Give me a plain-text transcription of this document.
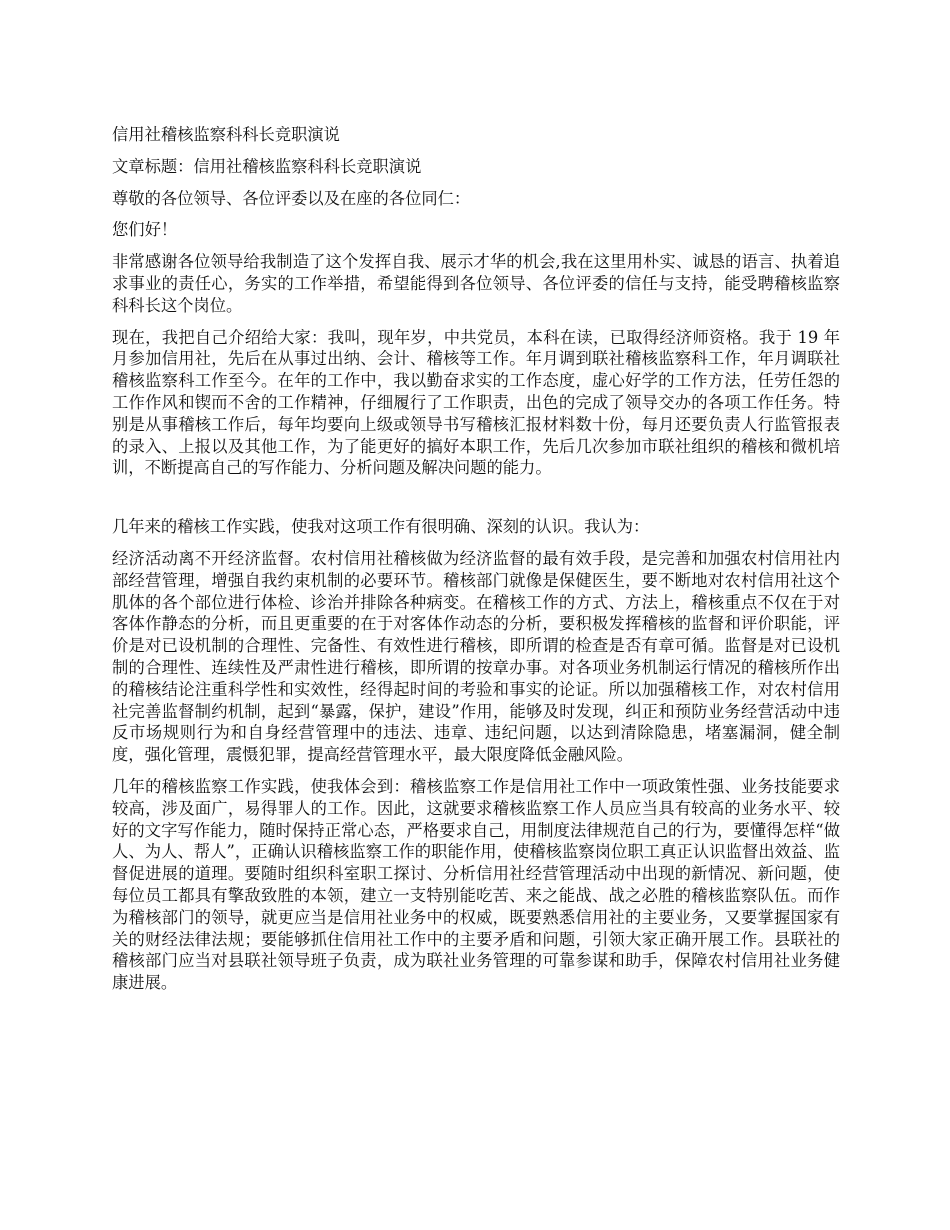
信用社稽核监察科科长竞职演说

文章标题：信用社稽核监察科科长竞职演说

尊敬的各位领导、各位评委以及在座的各位同仁：

您们好！

非常感谢各位领导给我制造了这个发挥自我、展示才华的机会,我在这里用朴实、诚恳的语言、执着追求事业的责任心，务实的工作举措，希望能得到各位领导、各位评委的信任与支持，能受聘稽核监察科科长这个岗位。

现在，我把自己介绍给大家：我叫，现年岁，中共党员，本科在读，已取得经济师资格。我于 19 年月参加信用社，先后在从事过出纳、会计、稽核等工作。年月调到联社稽核监察科工作，年月调联社稽核监察科工作至今。在年的工作中，我以勤奋求实的工作态度，虚心好学的工作方法，任劳任怨的工作作风和锲而不舍的工作精神，仔细履行了工作职责，出色的完成了领导交办的各项工作任务。特别是从事稽核工作后，每年均要向上级或领导书写稽核汇报材料数十份，每月还要负责人行监管报表的录入、上报以及其他工作，为了能更好的搞好本职工作，先后几次参加市联社组织的稽核和微机培训，不断提高自己的写作能力、分析问题及解决问题的能力。

几年来的稽核工作实践，使我对这项工作有很明确、深刻的认识。我认为：

经济活动离不开经济监督。农村信用社稽核做为经济监督的最有效手段，是完善和加强农村信用社内部经营管理，增强自我约束机制的必要环节。稽核部门就像是保健医生，要不断地对农村信用社这个肌体的各个部位进行体检、诊治并排除各种病变。在稽核工作的方式、方法上，稽核重点不仅在于对客体作静态的分析，而且更重要的在于对客体作动态的分析，要积极发挥稽核的监督和评价职能，评价是对已设机制的合理性、完备性、有效性进行稽核，即所谓的检查是否有章可循。监督是对已设机制的合理性、连续性及严肃性进行稽核，即所谓的按章办事。对各项业务机制运行情况的稽核所作出的稽核结论注重科学性和实效性，经得起时间的考验和事实的论证。所以加强稽核工作，对农村信用社完善监督制约机制，起到“暴露，保护，建设”作用，能够及时发现，纠正和预防业务经营活动中违反市场规则行为和自身经营管理中的违法、违章、违纪问题，以达到清除隐患，堵塞漏洞，健全制度，强化管理，震慑犯罪，提高经营管理水平，最大限度降低金融风险。

几年的稽核监察工作实践，使我体会到：稽核监察工作是信用社工作中一项政策性强、业务技能要求较高，涉及面广，易得罪人的工作。因此，这就要求稽核监察工作人员应当具有较高的业务水平、较好的文字写作能力，随时保持正常心态，严格要求自己，用制度法律规范自己的行为，要懂得怎样“做人、为人、帮人”，正确认识稽核监察工作的职能作用，使稽核监察岗位职工真正认识监督出效益、监督促进展的道理。要随时组织科室职工探讨、分析信用社经营管理活动中出现的新情况、新问题，使每位员工都具有擎敌致胜的本领，建立一支特别能吃苦、来之能战、战之必胜的稽核监察队伍。而作为稽核部门的领导，就更应当是信用社业务中的权威，既要熟悉信用社的主要业务，又要掌握国家有关的财经法律法规；要能够抓住信用社工作中的主要矛盾和问题，引领大家正确开展工作。县联社的稽核部门应当对县联社领导班子负责，成为联社业务管理的可靠参谋和助手，保障农村信用社业务健康进展。
